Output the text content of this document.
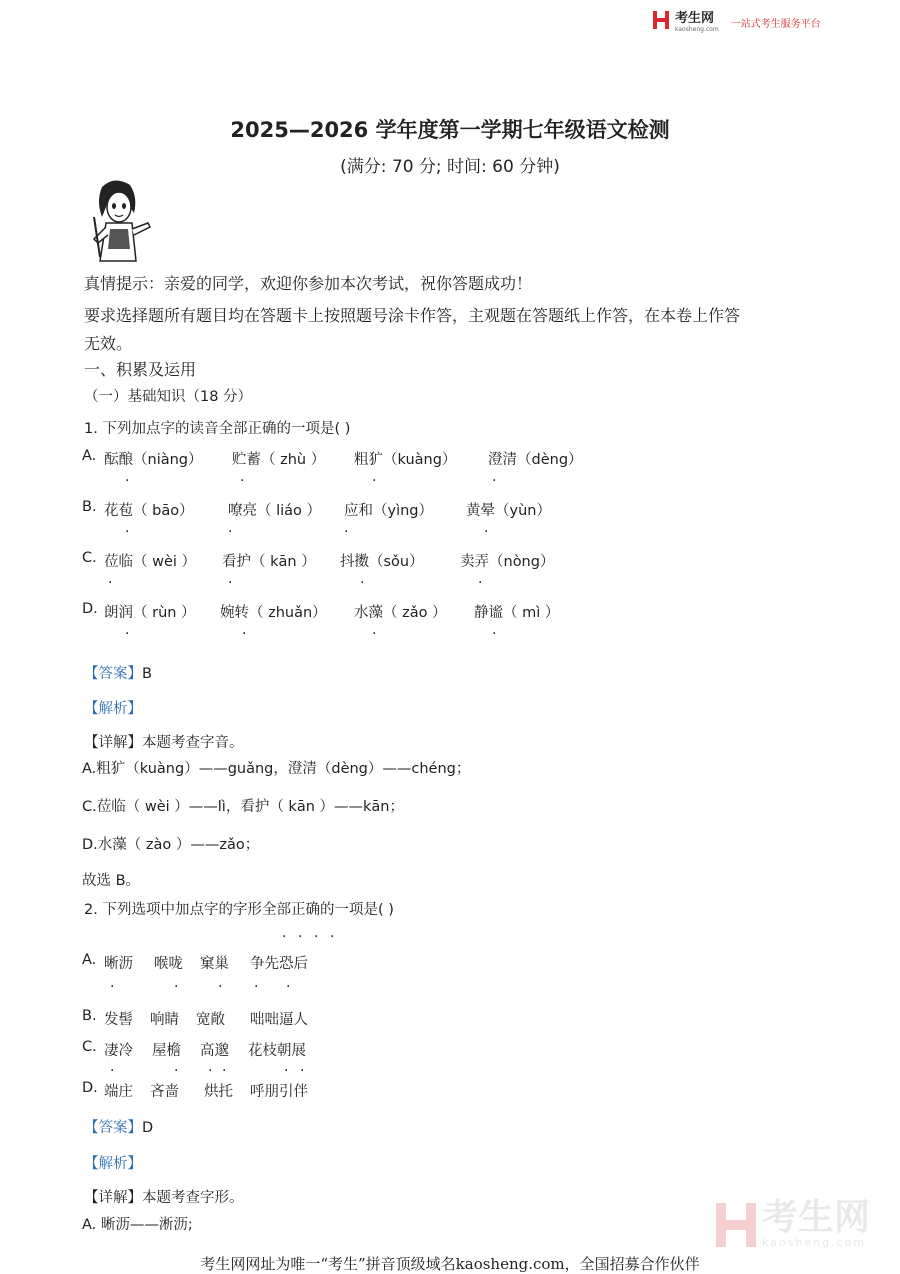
考生网
kaosheng.com 一站式考生服务平台
2025—2026 学年度第一学期七年级语文检测
(满分: 70 分; 时间: 60 分钟)
真情提示：亲爱的同学，欢迎你参加本次考试，祝你答题成功！
要求选择题所有题目均在答题卡上按照题号涂卡作答，主观题在答题纸上作答，在本卷上作答
无效。
一、积累及运用
（一）基础知识（18 分）
1. 下列加点字的读音全部正确的一项是( )
A. 酝酿（niàng） 贮蓄（ zhù ） 粗犷（kuàng） 澄清（dèng）
·	·	·	·
B. 花苞（ bāo） 嘹亮（ liáo ） 应和（yìng） 黄晕（yùn）
·	·	·	·
C. 莅临（ wèi ） 看护（ kān ） 抖擞（sǒu）	卖弄（nòng）
·	·	·	·
D. 朗润（ rùn ） 婉转（ zhuǎn） 水藻（ zǎo ） 静谧（ mì ）
·	·	·	·
【答案】B
【解析】
【详解】本题考查字音。
A.粗犷（kuàng）——guǎng，澄清（dèng）——chéng；
C.莅临（ wèi ）——lì，看护（ kān ）——kān；
D.水藻（ zào ）——zǎo；
故选 B。
2. 下列选项中加点字的字形全部正确的一项是( )
· · · ·
A. 晰沥 喉咙 窠巢 争先恐后
·	·	· · ·
B. 发髻 响睛 宽敞 咄咄逼人
C. 凄冷 屋檐 高邈 花枝朝展
·	· · ·	· ·
D. 端庄 吝啬 烘托 呼朋引伴
【答案】D
【解析】
【详解】本题考查字形。
A. 晰沥——淅沥;	考生网
kaosheng.com
考生网网址为唯一“考生”拼音顶级域名kaosheng.com，全国招募合作伙伴
